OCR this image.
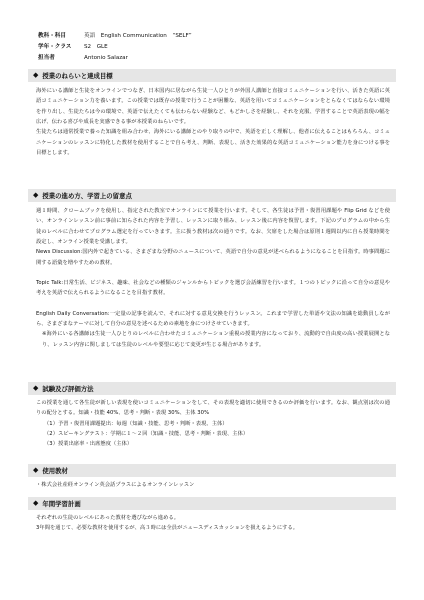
教科・科目	英語　English Communication　“SELF”
学年・クラス	S2　GLE
担当者	Antonio Salazar
◆ 授業のねらいと達成目標

海外にいる講師と生徒をオンラインでつなぎ、日本国内に居ながら生徒一人ひとりが外国人講師と直接コミュニケーションを行い、活きた英語に英語コミュニケーション力を養います。この授業では既存の授業で行うことが困難な、英語を用いてコミュニケーションをとらなくてはならない環境を作り出し、生徒たちは今の環境で、英語で伝えたくても伝わらない経験など、もどかしさを経験し、それを克服、学習することで英語表現の幅を広げ、伝わる喜びや成長を実感できる事が本授業のねらいです。

生徒たちは通常授業で養った知識を組み合わせ、海外にいる講師とのやり取りの中で、英語を正しく理解し、他者に伝えることはもちろん、コミュニケーションのレッスンに特化した教材を使用することで自ら考え、判断、表現し、活きた効果的な英語コミュニケーション能力を身につける事を目標とします。

◆ 授業の進め方、学習上の留意点

週１時間、クロームブックを使用し、指定された教室でオンラインにて授業を行います。そして、各生徒は予習・復習用課題や Flip Grid などを使い、オンラインレッスン前に事前に知らされた内容を予習し、レッスンに取り組み、レッスン後に内容を復習します。下記のプログラムの中から生徒のレベルに合わせてプログラム選定を行っていきます。主に扱う教材は次の通りです。なお、欠席をした場合は原則１週間以内に自ら授業時間を設定し、オンライン授業を受講します。

News Discussion:国内外で起きている、さまざまな分野のニュースについて、英語で自分の意見が述べられるようになることを目指す。時事問題に関する語彙を増やすための教材。

Topic Talk:日常生活、ビジネス、趣味、社会などの種類のジャンルからトピックを選び会話練習を行います。１つのトピックに沿って自分の意見や考えを英語で伝えられるようになることを目指す教材。

English Daily Conversation:一定量の記事を読んで、それに対する意見交換を行うレッスン。これまで学習した単語や文法の知識を総動員しながら、さまざまなテーマに対して自分の意見を述べるための素地を身につけさせていきます。

※海外にいる各講師は生徒一人ひとりのレベルに合わせたコミュニケーション重視の授業内容になっており、流動的で自由度の高い授業展開となり、レッスン内容に関しましては生徒のレベルや要望に応じて変更が生じる場合があります。

◆ 試験及び評価方法

この授業を通して各生徒が新しい表現を使いコミュニケーションをして、その表現を適切に使用できるのか評価を行います。なお、観点別は次の通りの配分とする。知識・技能 40%、思考・判断・表現 30%、主体 30%

（1）予習・復習用課題提出：毎週（知識・技能、思考・判断・表現、主体）
（2）スピーキングテスト：学期に１～２回（知識・技能、思考・判断・表現、主体）
（3）授業出席率・出席態度（主体）
◆ 使用教材

・株式会社産経オンライン英会話プラスによるオンラインレッスン

◆ 年間学習計画

それぞれの生徒のレベルにあった教材を選びながら進める。

3年間を通じて、必要な教材を使用するが、高３時には全員がニュースディスカッションを扱えるようにする。
